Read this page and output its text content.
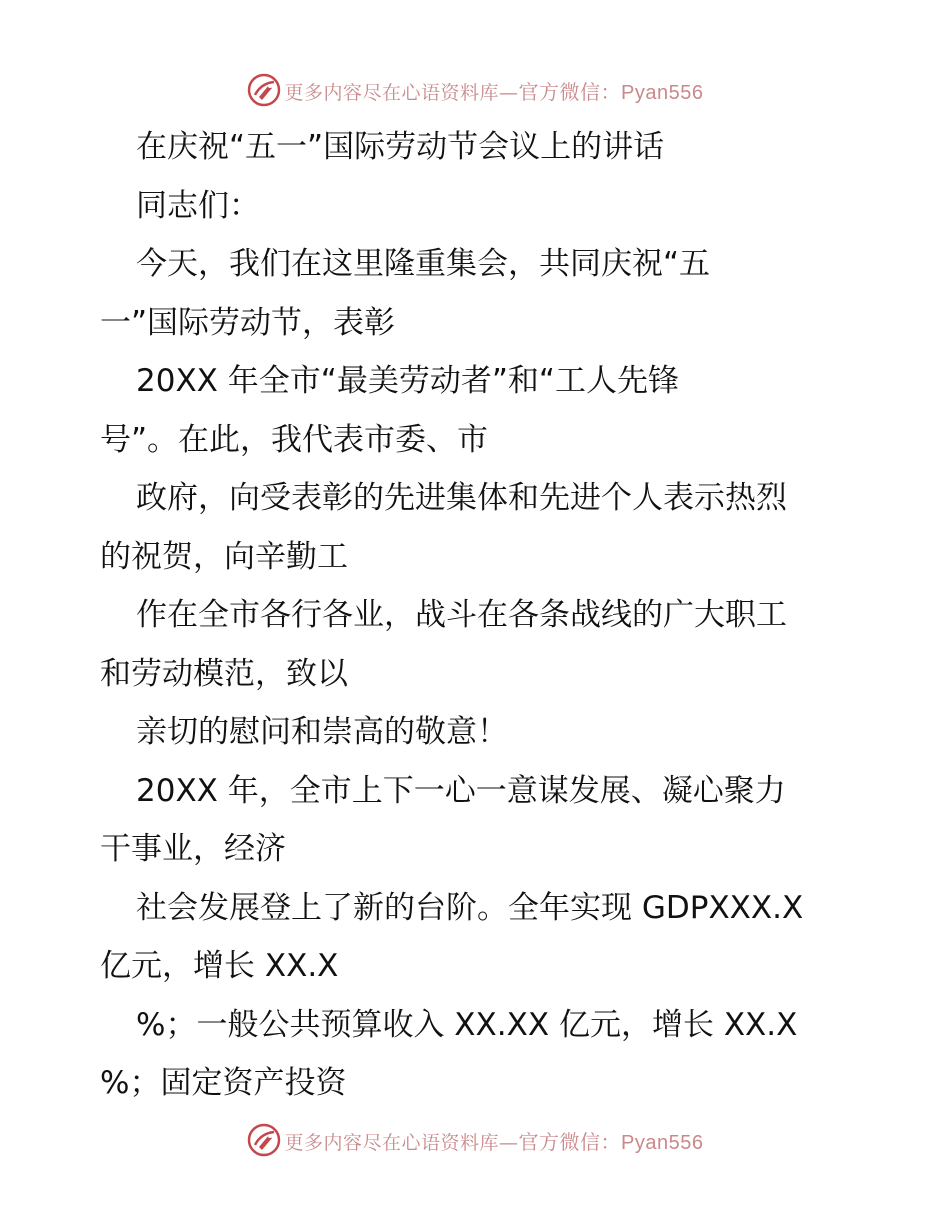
更多内容尽在心语资料库—官方微信：Pyan556
在庆祝“五一”国际劳动节会议上的讲话
同志们：
今天，我们在这里隆重集会，共同庆祝“五
一”国际劳动节，表彰
20XX 年全市“最美劳动者”和“工人先锋
号”。在此，我代表市委、市
政府，向受表彰的先进集体和先进个人表示热烈
的祝贺，向辛勤工
作在全市各行各业，战斗在各条战线的广大职工
和劳动模范，致以
亲切的慰问和崇高的敬意！
20XX 年，全市上下一心一意谋发展、凝心聚力
干事业，经济
社会发展登上了新的台阶。全年实现 GDPXXX.X
亿元，增长 XX.X
%；一般公共预算收入 XX.XX 亿元，增长 XX.X
%；固定资产投资
更多内容尽在心语资料库—官方微信：Pyan556
